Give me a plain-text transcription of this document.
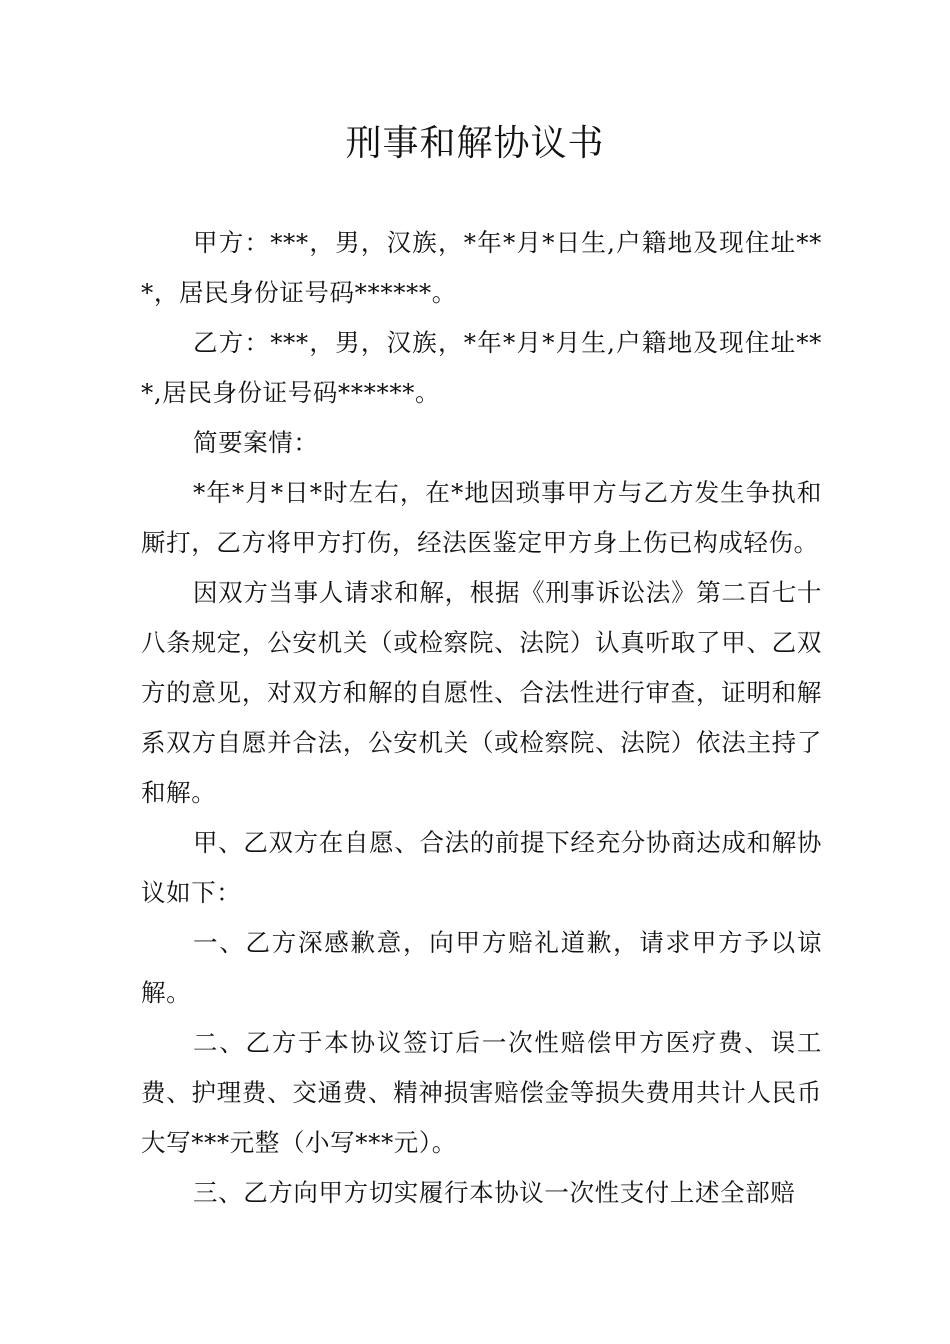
刑事和解协议书

甲方：***，男，汉族，*年*月*日生,户籍地及现住址***，居民身份证号码******。

乙方：***，男，汉族，*年*月*月生,户籍地及现住址***,居民身份证号码******。

简要案情：

*年*月*日*时左右，在*地因琐事甲方与乙方发生争执和厮打，乙方将甲方打伤，经法医鉴定甲方身上伤已构成轻伤。

因双方当事人请求和解，根据《刑事诉讼法》第二百七十八条规定，公安机关（或检察院、法院）认真听取了甲、乙双方的意见，对双方和解的自愿性、合法性进行审查，证明和解系双方自愿并合法，公安机关（或检察院、法院）依法主持了和解。

甲、乙双方在自愿、合法的前提下经充分协商达成和解协议如下：

一、乙方深感歉意，向甲方赔礼道歉，请求甲方予以谅解。

二、乙方于本协议签订后一次性赔偿甲方医疗费、误工费、护理费、交通费、精神损害赔偿金等损失费用共计人民币大写***元整（小写***元）。

三、乙方向甲方切实履行本协议一次性支付上述全部赔
